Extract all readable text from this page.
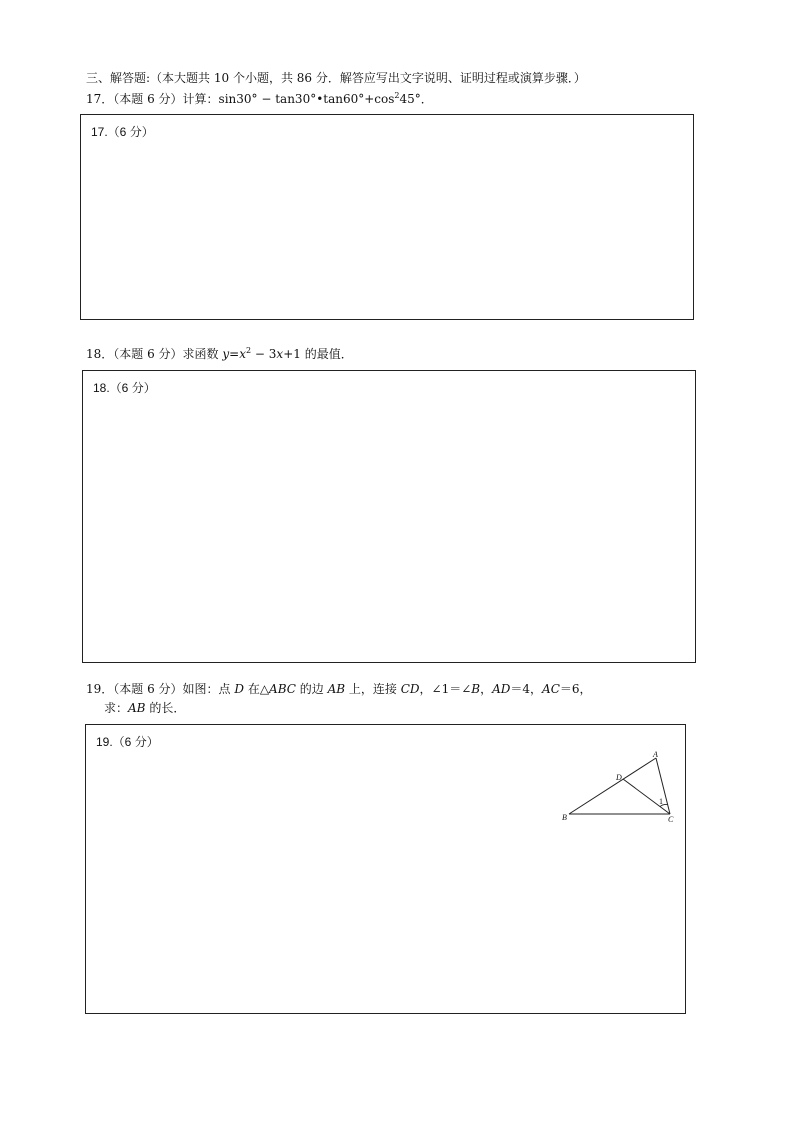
三、解答题:（本大题共 10 个小题，共 86 分．解答应写出文字说明、证明过程或演算步骤．）
17．（本题 6 分）计算：$\sin 30^\circ - \tan 30^\circ•\tan 60^\circ+\cos^245^\circ$．
17.（6 分）
18．（本题 6 分）求函数 $y=x^2 - 3x+1$ 的最值．
18.（6 分）
19．（本题 6 分）如图：点 D 在△ABC 的边 AB 上，连接 CD，∠1＝∠B，AD＝4，AC＝6，
求：AB 的长．
19.（6 分）
A
B	C
D
1
